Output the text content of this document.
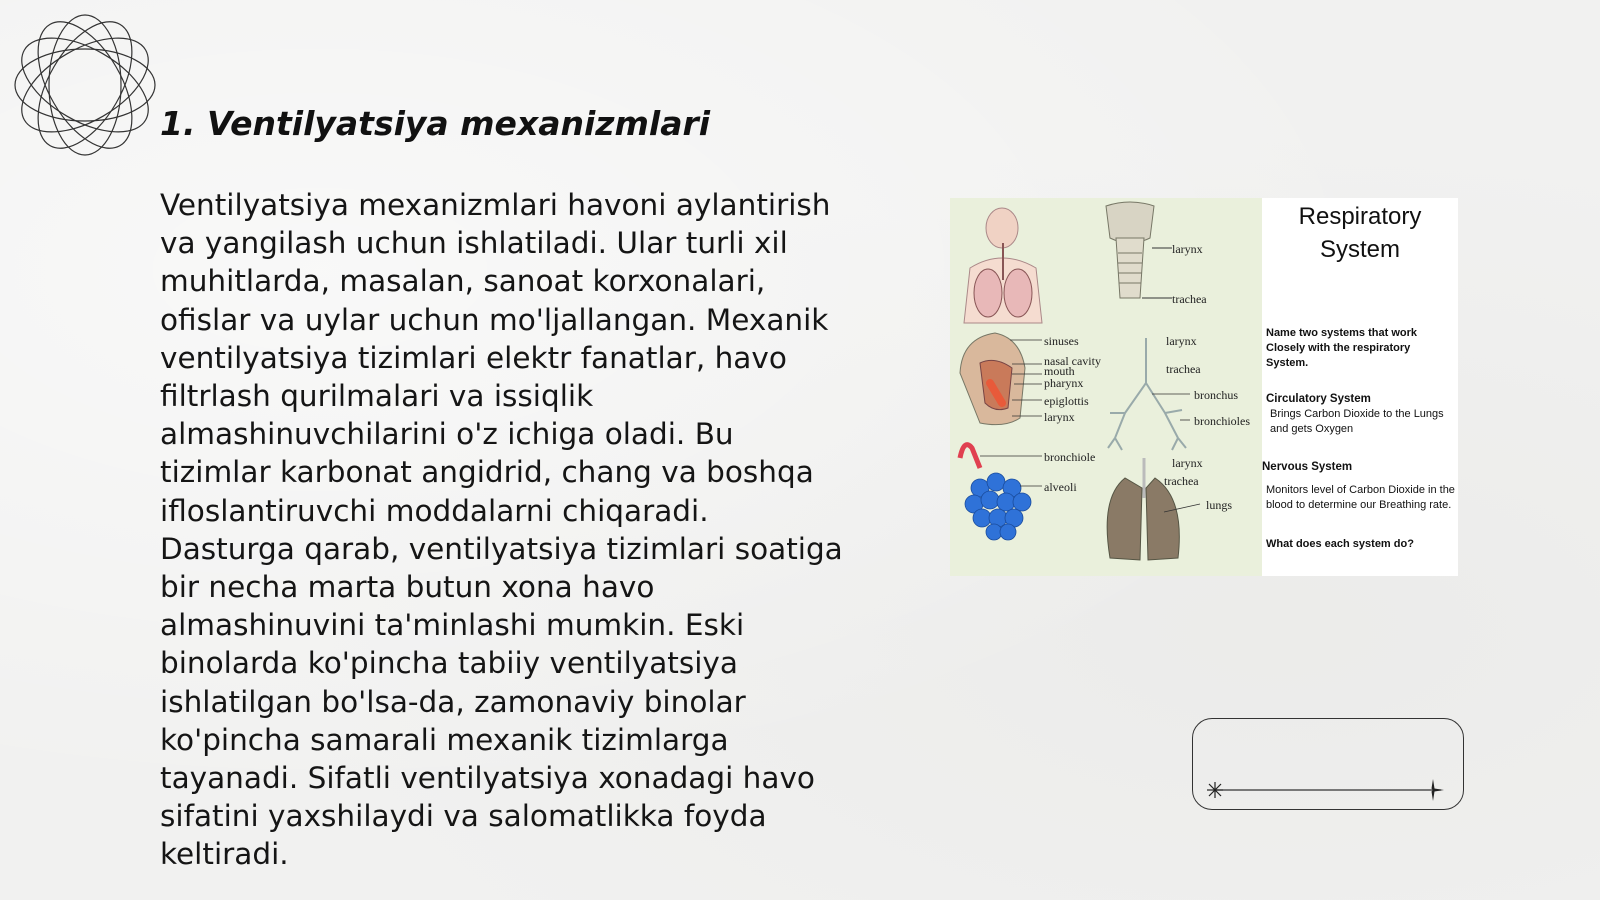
1. Ventilyatsiya mexanizmlari
Ventilyatsiya mexanizmlari havoni aylantirish va yangilash uchun ishlatiladi. Ular turli xil muhitlarda, masalan, sanoat korxonalari, ofislar va uylar uchun mo'ljallangan. Mexanik ventilyatsiya tizimlari elektr fanatlar, havo filtrlash qurilmalari va issiqlik almashinuvchilarini o'z ichiga oladi. Bu tizimlar karbonat angidrid, chang va boshqa ifloslantiruvchi moddalarni chiqaradi. Dasturga qarab, ventilyatsiya tizimlari soatiga bir necha marta butun xona havo almashinuvini ta'minlashi mumkin. Eski binolarda ko'pincha tabiiy ventilyatsiya ishlatilgan bo'lsa-da, zamonaviy binolar ko'pincha samarali mexanik tizimlarga tayanadi. Sifatli ventilyatsiya xonadagi havo sifatini yaxshilaydi va salomatlikka foyda keltiradi.
larynx
trachea
sinuses
nasal cavity
mouth
pharynx
epiglottis
larynx
larynx
trachea
bronchus
bronchioles
bronchiole
alveoli
larynx
trachea
lungs
Respiratory System
Name two systems that work Closely with the respiratory System.
Circulatory System
Brings Carbon Dioxide to the Lungs and gets Oxygen
Nervous System
Monitors level of Carbon Dioxide in the blood to determine our Breathing rate.
What does each system do?
